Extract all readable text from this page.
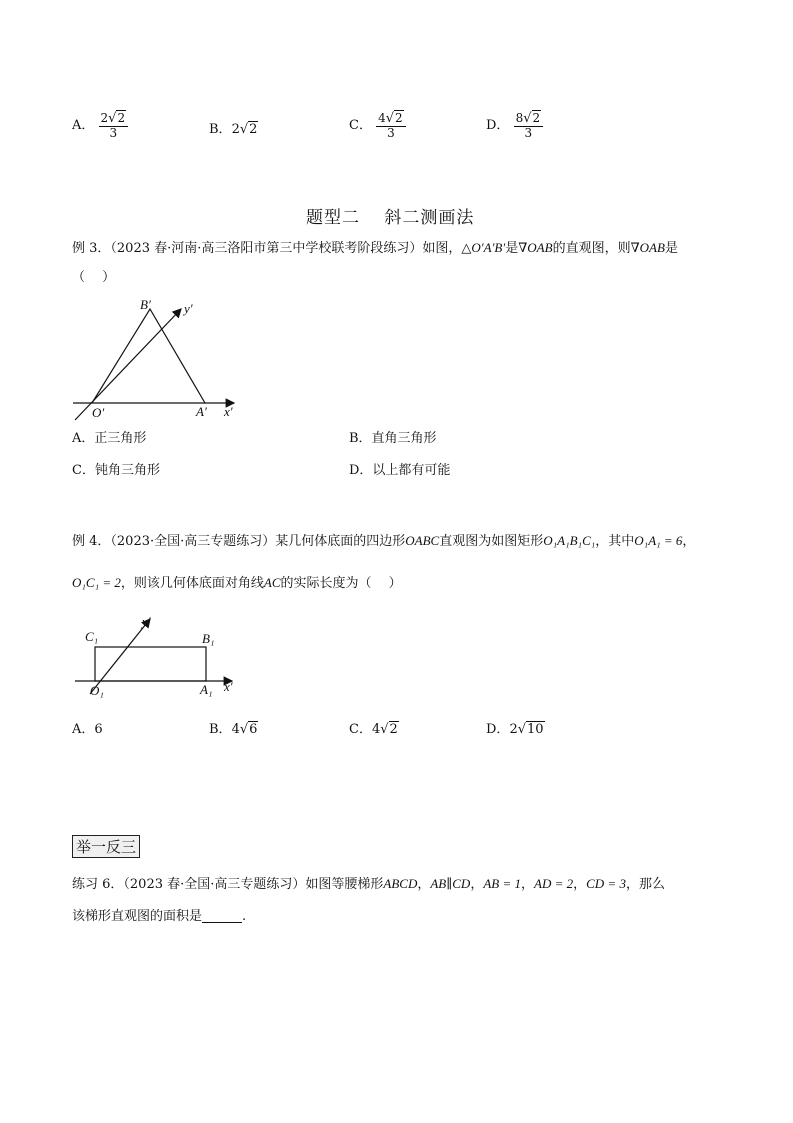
A． $\frac{2√2}{3}$	B．2√2	C． $\frac{4√2}{3}$	D． $\frac{8√2}{3}$
题型二　 斜二测画法
例 3．（2023 春·河南·高三洛阳市第三中学校联考阶段练习）如图，△O′A′B′是∇OAB的直观图，则∇OAB是
（　 ）
B′	y′
O′	A′ x′
A．正三角形	B．直角三角形
C．钝角三角形	D．以上都有可能
例 4．（2023·全国·高三专题练习）某几何体底面的四边形OABC直观图为如图矩形O₁A₁B₁C₁，其中O₁A₁ = 6，
O₁C₁ = 2，则该几何体底面对角线AC的实际长度为（　 ）
C₁	B₁
y′
O₁	A₁ x′
A．6	B．4√6	C．4√2	D．2√10
举一反三
练习 6．（2023 春·全国·高三专题练习）如图等腰梯形ABCD，AB∥CD，AB = 1，AD = 2，CD = 3，那么
该梯形直观图的面积是	.
